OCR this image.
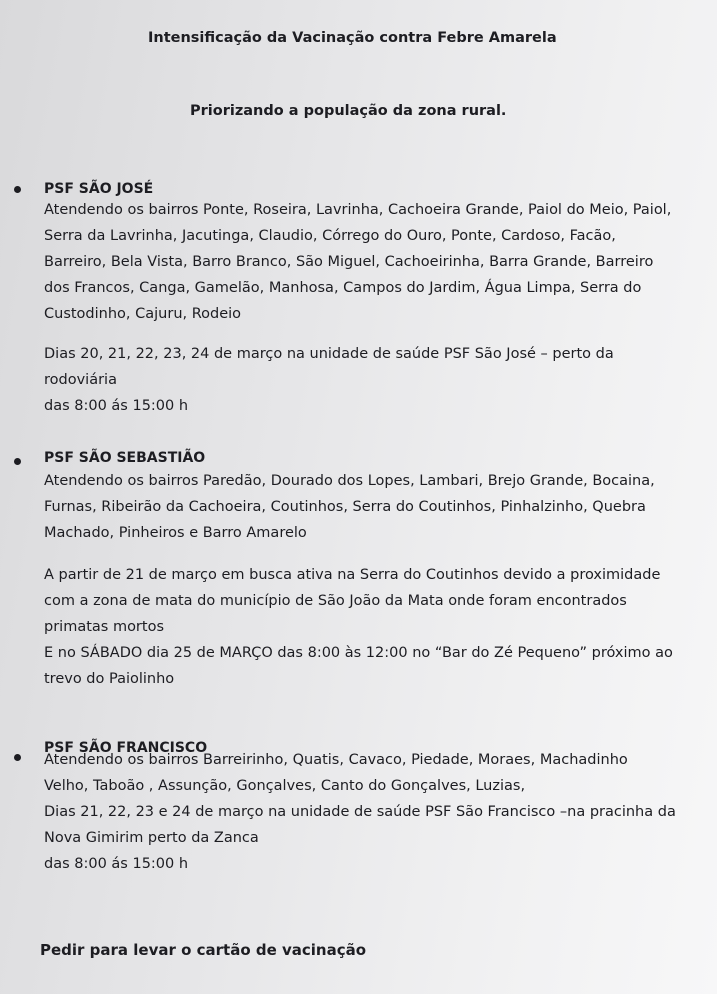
Intensificação da Vacinação contra Febre Amarela
Priorizando a população da zona rural.
PSF SÃO JOSÉ

Atendendo os bairros Ponte, Roseira, Lavrinha, Cachoeira Grande, Paiol do Meio, Paiol,
Serra da Lavrinha, Jacutinga, Claudio, Córrego do Ouro, Ponte, Cardoso, Facão,
Barreiro, Bela Vista, Barro Branco, São Miguel, Cachoeirinha, Barra Grande, Barreiro
dos Francos, Canga, Gamelão, Manhosa, Campos do Jardim, Água Limpa, Serra do
Custodinho, Cajuru, Rodeio

Dias 20, 21, 22, 23, 24 de março na unidade de saúde PSF São José – perto da
rodoviária
das 8:00 ás 15:00 h

PSF SÃO SEBASTIÃO

Atendendo os bairros Paredão, Dourado dos Lopes, Lambari, Brejo Grande, Bocaina,
Furnas, Ribeirão da Cachoeira, Coutinhos, Serra do Coutinhos, Pinhalzinho, Quebra
Machado, Pinheiros e Barro Amarelo

A partir de 21 de março em busca ativa na Serra do Coutinhos devido a proximidade
com a zona de mata do município de São João da Mata onde foram encontrados
primatas mortos
E no SÁBADO dia 25 de MARÇO das 8:00 às 12:00 no “Bar do Zé Pequeno” próximo ao
trevo do Paiolinho

PSF SÃO FRANCISCO

Atendendo os bairros Barreirinho, Quatis, Cavaco, Piedade, Moraes, Machadinho
Velho, Taboão , Assunção, Gonçalves, Canto do Gonçalves, Luzias,
Dias 21, 22, 23 e 24 de março na unidade de saúde PSF São Francisco –na pracinha da
Nova Gimirim perto da Zanca
das 8:00 ás 15:00 h

Pedir para levar o cartão de vacinação
